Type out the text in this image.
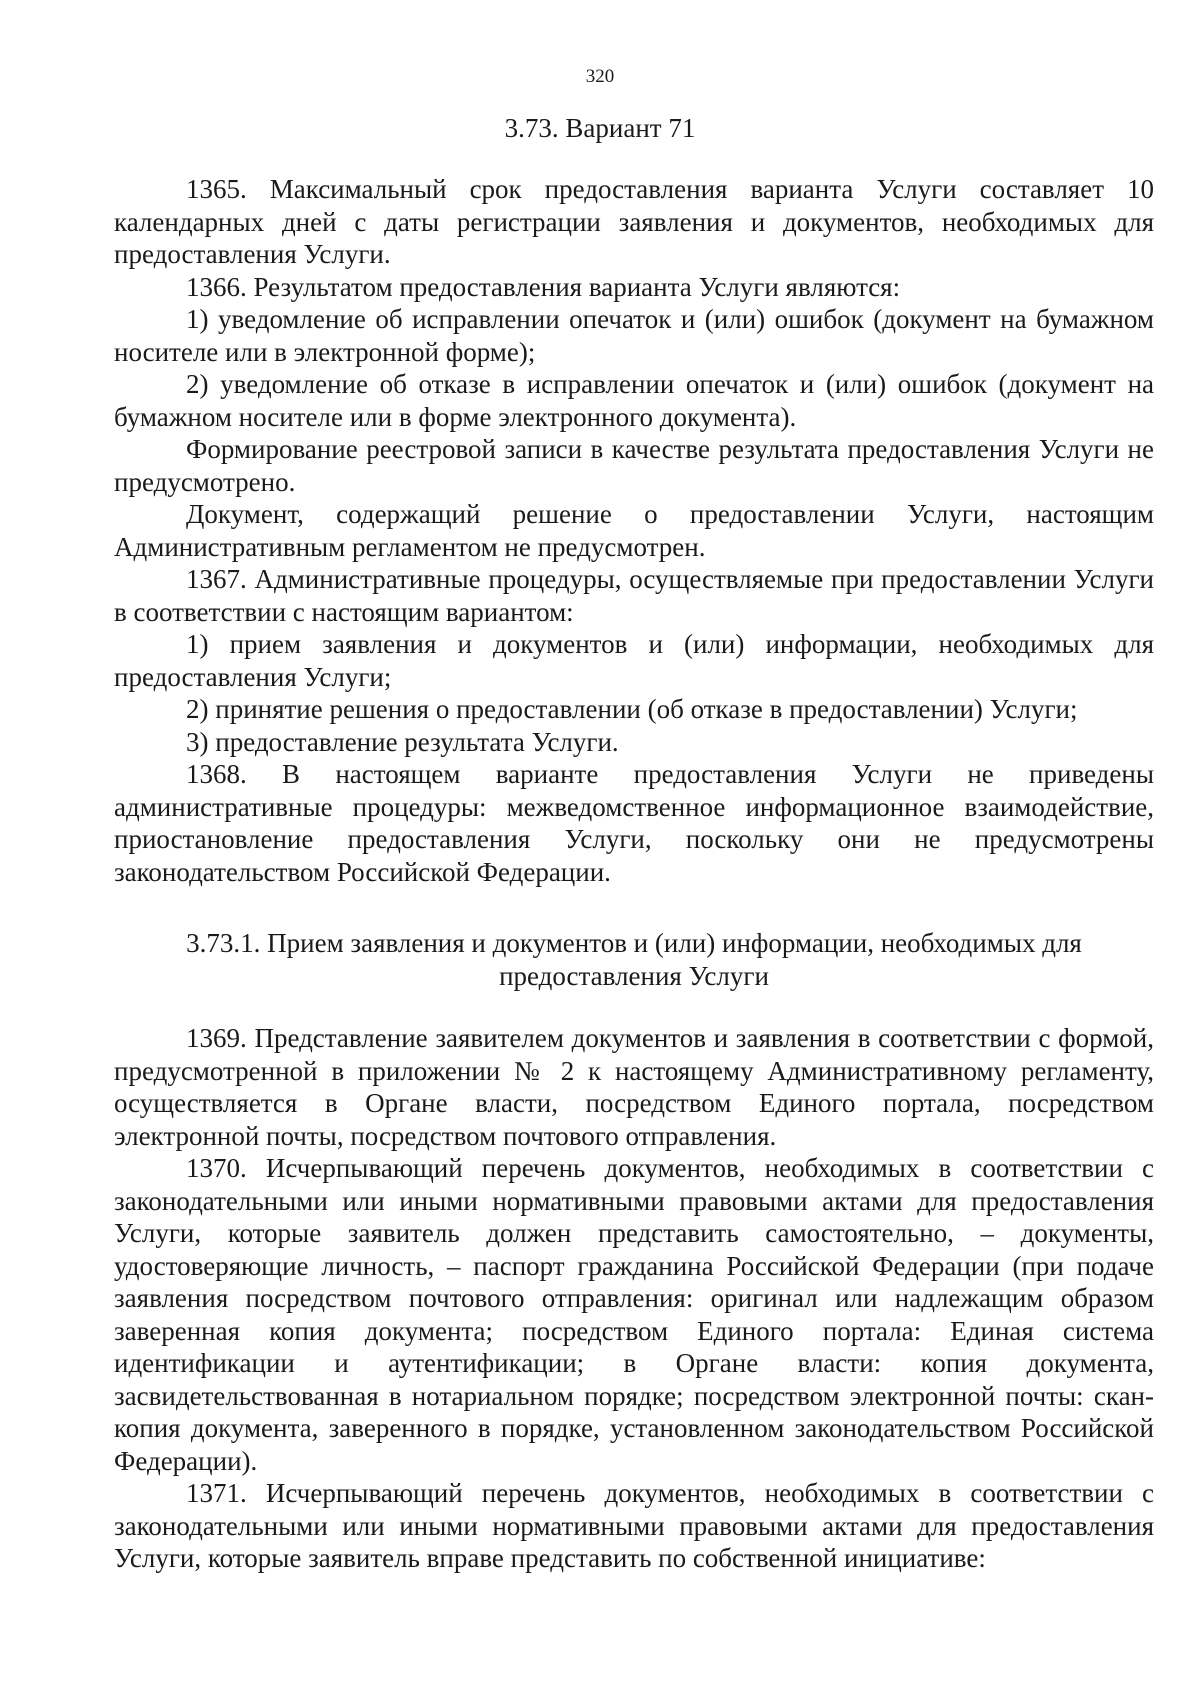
320
3.73. Вариант 71

1365. Максимальный срок предоставления варианта Услуги составляет 10 календарных дней с даты регистрации заявления и документов, необходимых для предоставления Услуги.

1366. Результатом предоставления варианта Услуги являются:

1) уведомление об исправлении опечаток и (или) ошибок (документ на бумажном носителе или в электронной форме);

2) уведомление об отказе в исправлении опечаток и (или) ошибок (документ на бумажном носителе или в форме электронного документа).

Формирование реестровой записи в качестве результата предоставления Услуги не предусмотрено.

Документ, содержащий решение о предоставлении Услуги, настоящим Административным регламентом не предусмотрен.

1367. Административные процедуры, осуществляемые при предоставлении Услуги в соответствии с настоящим вариантом:

1) прием заявления и документов и (или) информации, необходимых для предоставления Услуги;

2) принятие решения о предоставлении (об отказе в предоставлении) Услуги;

3) предоставление результата Услуги.

1368. В настоящем варианте предоставления Услуги не приведены административные процедуры: межведомственное информационное взаимодействие, приостановление предоставления Услуги, поскольку они не предусмотрены законодательством Российской Федерации.

3.73.1. Прием заявления и документов и (или) информации, необходимых для
предоставления Услуги

1369. Представление заявителем документов и заявления в соответствии с формой, предусмотренной в приложении № 2 к настоящему Административному регламенту, осуществляется в Органе власти, посредством Единого портала, посредством электронной почты, посредством почтового отправления.

1370. Исчерпывающий перечень документов, необходимых в соответствии с законодательными или иными нормативными правовыми актами для предоставления Услуги, которые заявитель должен представить самостоятельно, – документы, удостоверяющие личность, – паспорт гражданина Российской Федерации (при подаче заявления посредством почтового отправления: оригинал или надлежащим образом заверенная копия документа; посредством Единого портала: Единая система идентификации и аутентификации; в Органе власти: копия документа, засвидетельствованная в нотариальном порядке; посредством электронной почты: скан-копия документа, заверенного в порядке, установленном законодательством Российской Федерации).

1371. Исчерпывающий перечень документов, необходимых в соответствии с законодательными или иными нормативными правовыми актами для предоставления Услуги, которые заявитель вправе представить по собственной инициативе:
